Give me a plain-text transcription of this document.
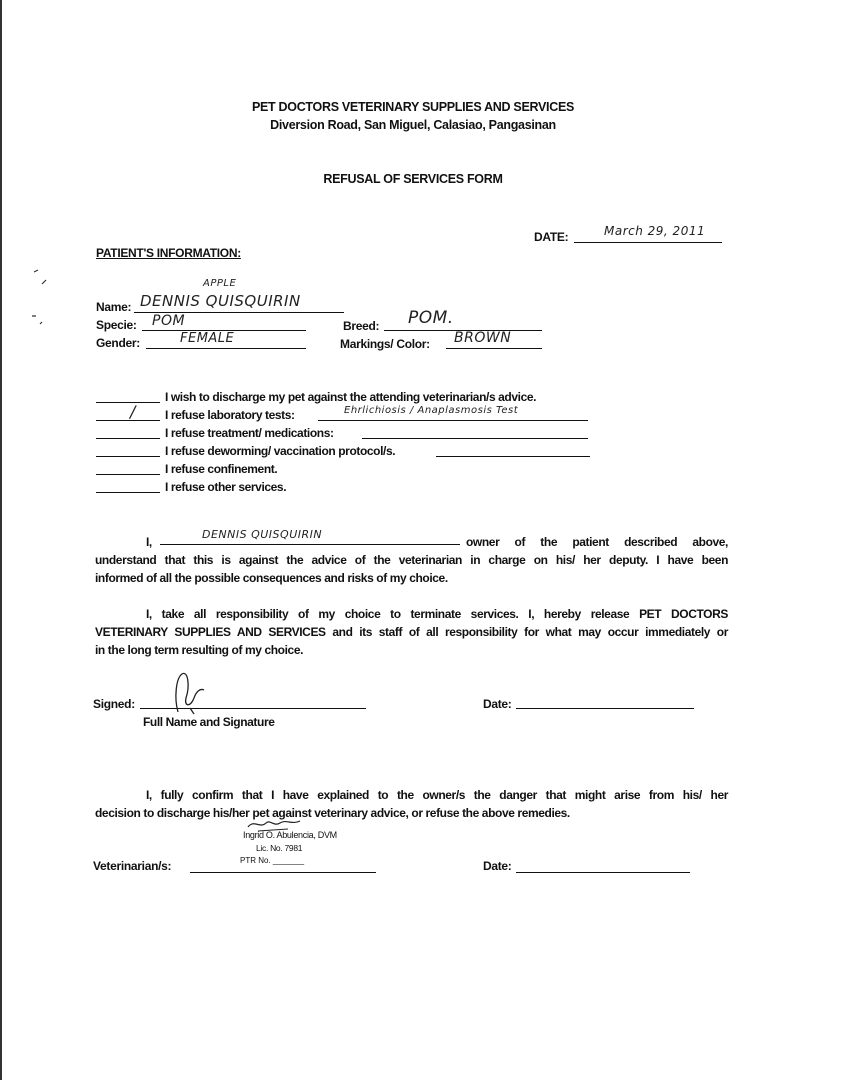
PET DOCTORS VETERINARY SUPPLIES AND SERVICES
Diversion Road, San Miguel, Calasiao, Pangasinan
REFUSAL OF SERVICES FORM
DATE:	March 29, 2011
PATIENT'S INFORMATION:
APPLE
Name: DENNIS QUISQUIRIN
Specie: POM
Gender:	FEMALE
Breed: POM.
Markings/ Color: BROWN
I wish to discharge my pet against the attending veterinarian/s advice.
/ I refuse laboratory tests:	Ehrlichiosis / Anaplasmosis Test
I refuse treatment/ medications:
I refuse deworming/ vaccination protocol/s.
I refuse confinement.
I refuse other services.
I,
DENNIS QUISQUIRIN
owner of the patient described above,
understand that this is against the advice of the veterinarian in charge on his/ her deputy. I have been
informed of all the possible consequences and risks of my choice.
I, take all responsibility of my choice to terminate services. I, hereby release PET DOCTORS
VETERINARY SUPPLIES AND SERVICES and its staff of all responsibility for what may occur immediately or
in the long term resulting of my choice.
Signed:
Full Name and Signature
Date:
I, fully confirm that I have explained to the owner/s the danger that might arise from his/ her
decision to discharge his/her pet against veterinary advice, or refuse the above remedies.
Ingrid O. Abulencia, DVM
Lic. No. 7981
PTR No. _______
Veterinarian/s:	Date:
